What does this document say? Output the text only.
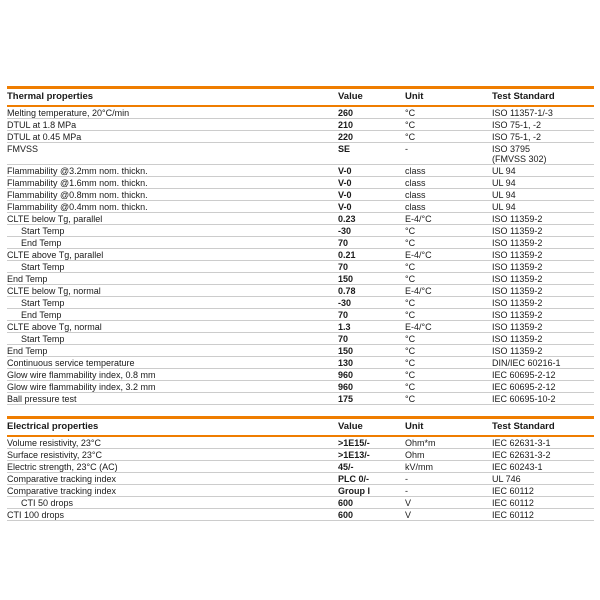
Thermal properties	Value	Unit	Test Standard
Melting temperature, 20°C/min	260	°C	ISO 11357-1/-3
DTUL at 1.8 MPa	210	°C	ISO 75-1, -2
DTUL at 0.45 MPa	220	°C	ISO 75-1, -2
FMVSS	SE	-	ISO 3795
(FMVSS 302)
Flammability @3.2mm nom. thickn.	V-0	class	UL 94
Flammability @1.6mm nom. thickn.	V-0	class	UL 94
Flammability @0.8mm nom. thickn.	V-0	class	UL 94
Flammability @0.4mm nom. thickn.	V-0	class	UL 94
CLTE below Tg, parallel	0.23	E-4/°C	ISO 11359-2
Start Temp	-30	°C	ISO 11359-2
End Temp	70	°C	ISO 11359-2
CLTE above Tg, parallel	0.21	E-4/°C	ISO 11359-2
Start Temp	70	°C	ISO 11359-2
End Temp	150	°C	ISO 11359-2
CLTE below Tg, normal	0.78	E-4/°C	ISO 11359-2
Start Temp	-30	°C	ISO 11359-2
End Temp	70	°C	ISO 11359-2
CLTE above Tg, normal	1.3	E-4/°C	ISO 11359-2
Start Temp	70	°C	ISO 11359-2
End Temp	150	°C	ISO 11359-2
Continuous service temperature	130	°C	DIN/IEC 60216-1
Glow wire flammability index, 0.8 mm	960	°C	IEC 60695-2-12
Glow wire flammability index, 3.2 mm	960	°C	IEC 60695-2-12
Ball pressure test	175	°C	IEC 60695-10-2
Electrical properties	Value	Unit	Test Standard
Volume resistivity, 23°C	>1E15/-	Ohm*m	IEC 62631-3-1
Surface resistivity, 23°C	>1E13/-	Ohm	IEC 62631-3-2
Electric strength, 23°C (AC)	45/-	kV/mm	IEC 60243-1
Comparative tracking index	PLC 0/-	-	UL 746
Comparative tracking index	Group I	-	IEC 60112
CTI 50 drops	600	V	IEC 60112
CTI 100 drops	600	V	IEC 60112
